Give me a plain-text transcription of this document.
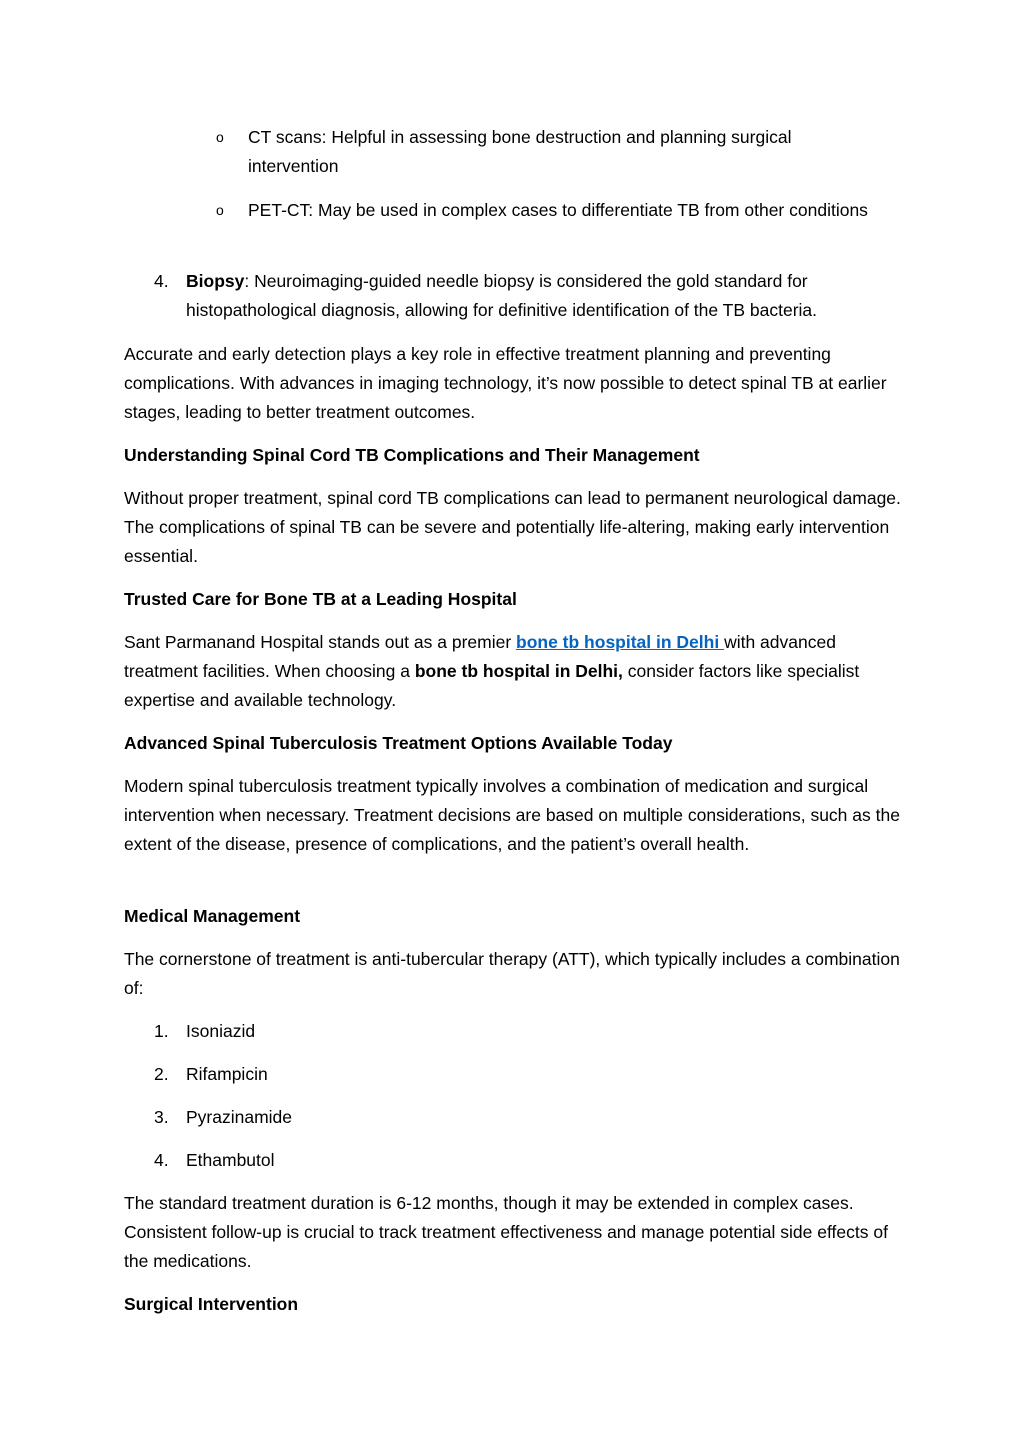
o CT scans: Helpful in assessing bone destruction and planning surgical intervention

o PET-CT: May be used in complex cases to differentiate TB from other conditions

4. Biopsy: Neuroimaging-guided needle biopsy is considered the gold standard for histopathological diagnosis, allowing for definitive identification of the TB bacteria.

Accurate and early detection plays a key role in effective treatment planning and preventing complications. With advances in imaging technology, it’s now possible to detect spinal TB at earlier stages, leading to better treatment outcomes.

Understanding Spinal Cord TB Complications and Their Management

Without proper treatment, spinal cord TB complications can lead to permanent neurological damage. The complications of spinal TB can be severe and potentially life-altering, making early intervention essential.

Trusted Care for Bone TB at a Leading Hospital

Sant Parmanand Hospital stands out as a premier bone tb hospital in Delhi with advanced treatment facilities. When choosing a bone tb hospital in Delhi, consider factors like specialist expertise and available technology.

Advanced Spinal Tuberculosis Treatment Options Available Today

Modern spinal tuberculosis treatment typically involves a combination of medication and surgical intervention when necessary. Treatment decisions are based on multiple considerations, such as the extent of the disease, presence of complications, and the patient’s overall health.

Medical Management

The cornerstone of treatment is anti-tubercular therapy (ATT), which typically includes a combination of:

1. Isoniazid
2. Rifampicin
3. Pyrazinamide
4. Ethambutol

The standard treatment duration is 6-12 months, though it may be extended in complex cases. Consistent follow-up is crucial to track treatment effectiveness and manage potential side effects of the medications.

Surgical Intervention
